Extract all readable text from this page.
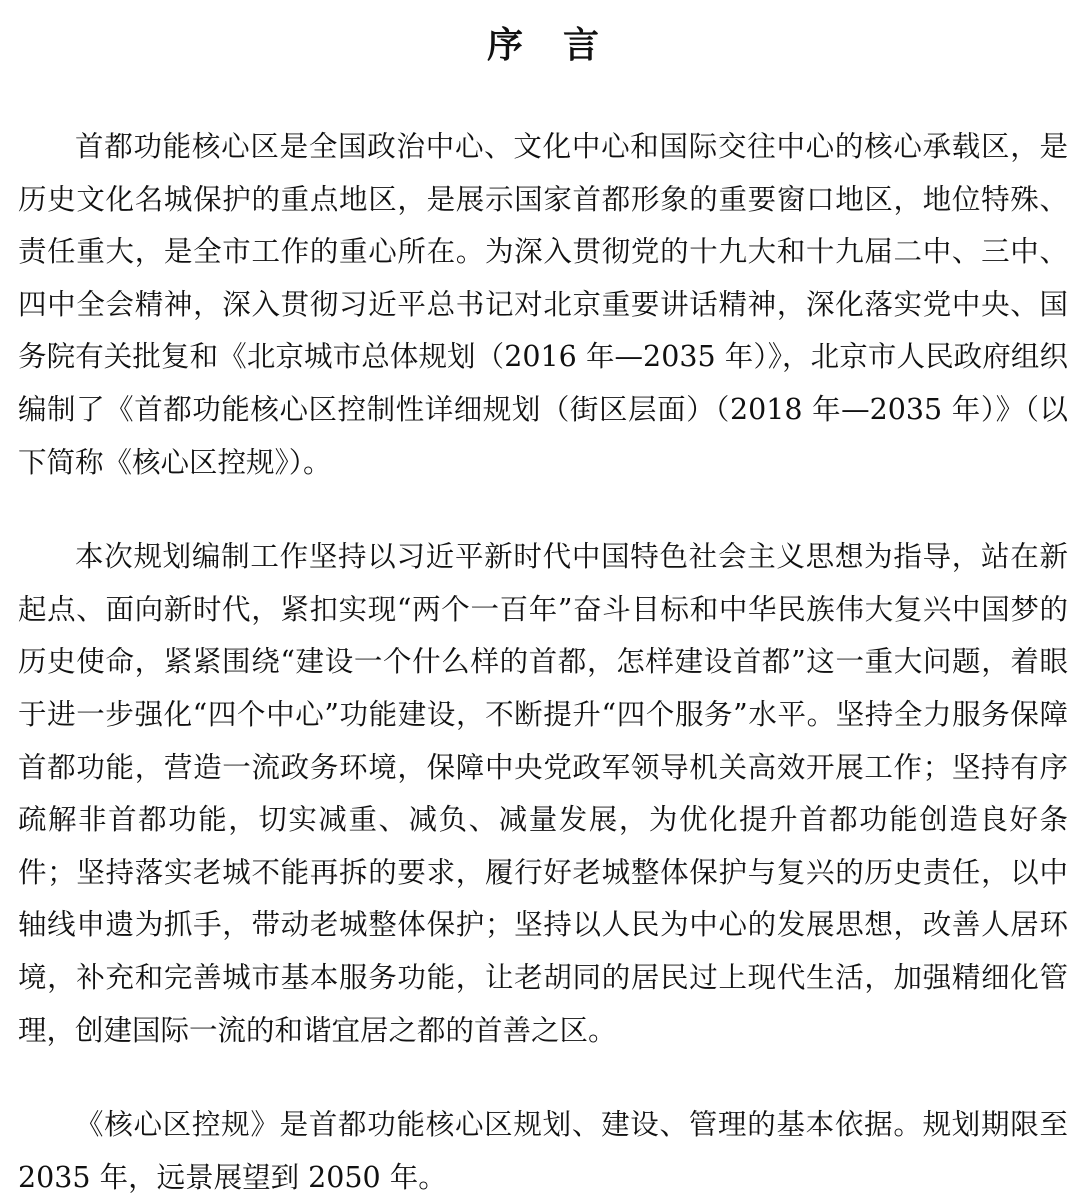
序言

首都功能核心区是全国政治中心、文化中心和国际交往中心的核心承载区，是历史文化名城保护的重点地区，是展示国家首都形象的重要窗口地区，地位特殊、责任重大，是全市工作的重心所在。为深入贯彻党的十九大和十九届二中、三中、四中全会精神，深入贯彻习近平总书记对北京重要讲话精神，深化落实党中央、国务院有关批复和《北京城市总体规划（2016 年—2035 年）》，北京市人民政府组织编制了《首都功能核心区控制性详细规划（街区层面）（2018 年—2035 年）》（以下简称《核心区控规》）。

本次规划编制工作坚持以习近平新时代中国特色社会主义思想为指导，站在新起点、面向新时代，紧扣实现“两个一百年”奋斗目标和中华民族伟大复兴中国梦的历史使命，紧紧围绕“建设一个什么样的首都，怎样建设首都”这一重大问题，着眼于进一步强化“四个中心”功能建设，不断提升“四个服务”水平。坚持全力服务保障首都功能，营造一流政务环境，保障中央党政军领导机关高效开展工作；坚持有序疏解非首都功能，切实减重、减负、减量发展，为优化提升首都功能创造良好条件；坚持落实老城不能再拆的要求，履行好老城整体保护与复兴的历史责任，以中轴线申遗为抓手，带动老城整体保护；坚持以人民为中心的发展思想，改善人居环境，补充和完善城市基本服务功能，让老胡同的居民过上现代生活，加强精细化管理，创建国际一流的和谐宜居之都的首善之区。

《核心区控规》是首都功能核心区规划、建设、管理的基本依据。规划期限至 2035 年，远景展望到 2050 年。
